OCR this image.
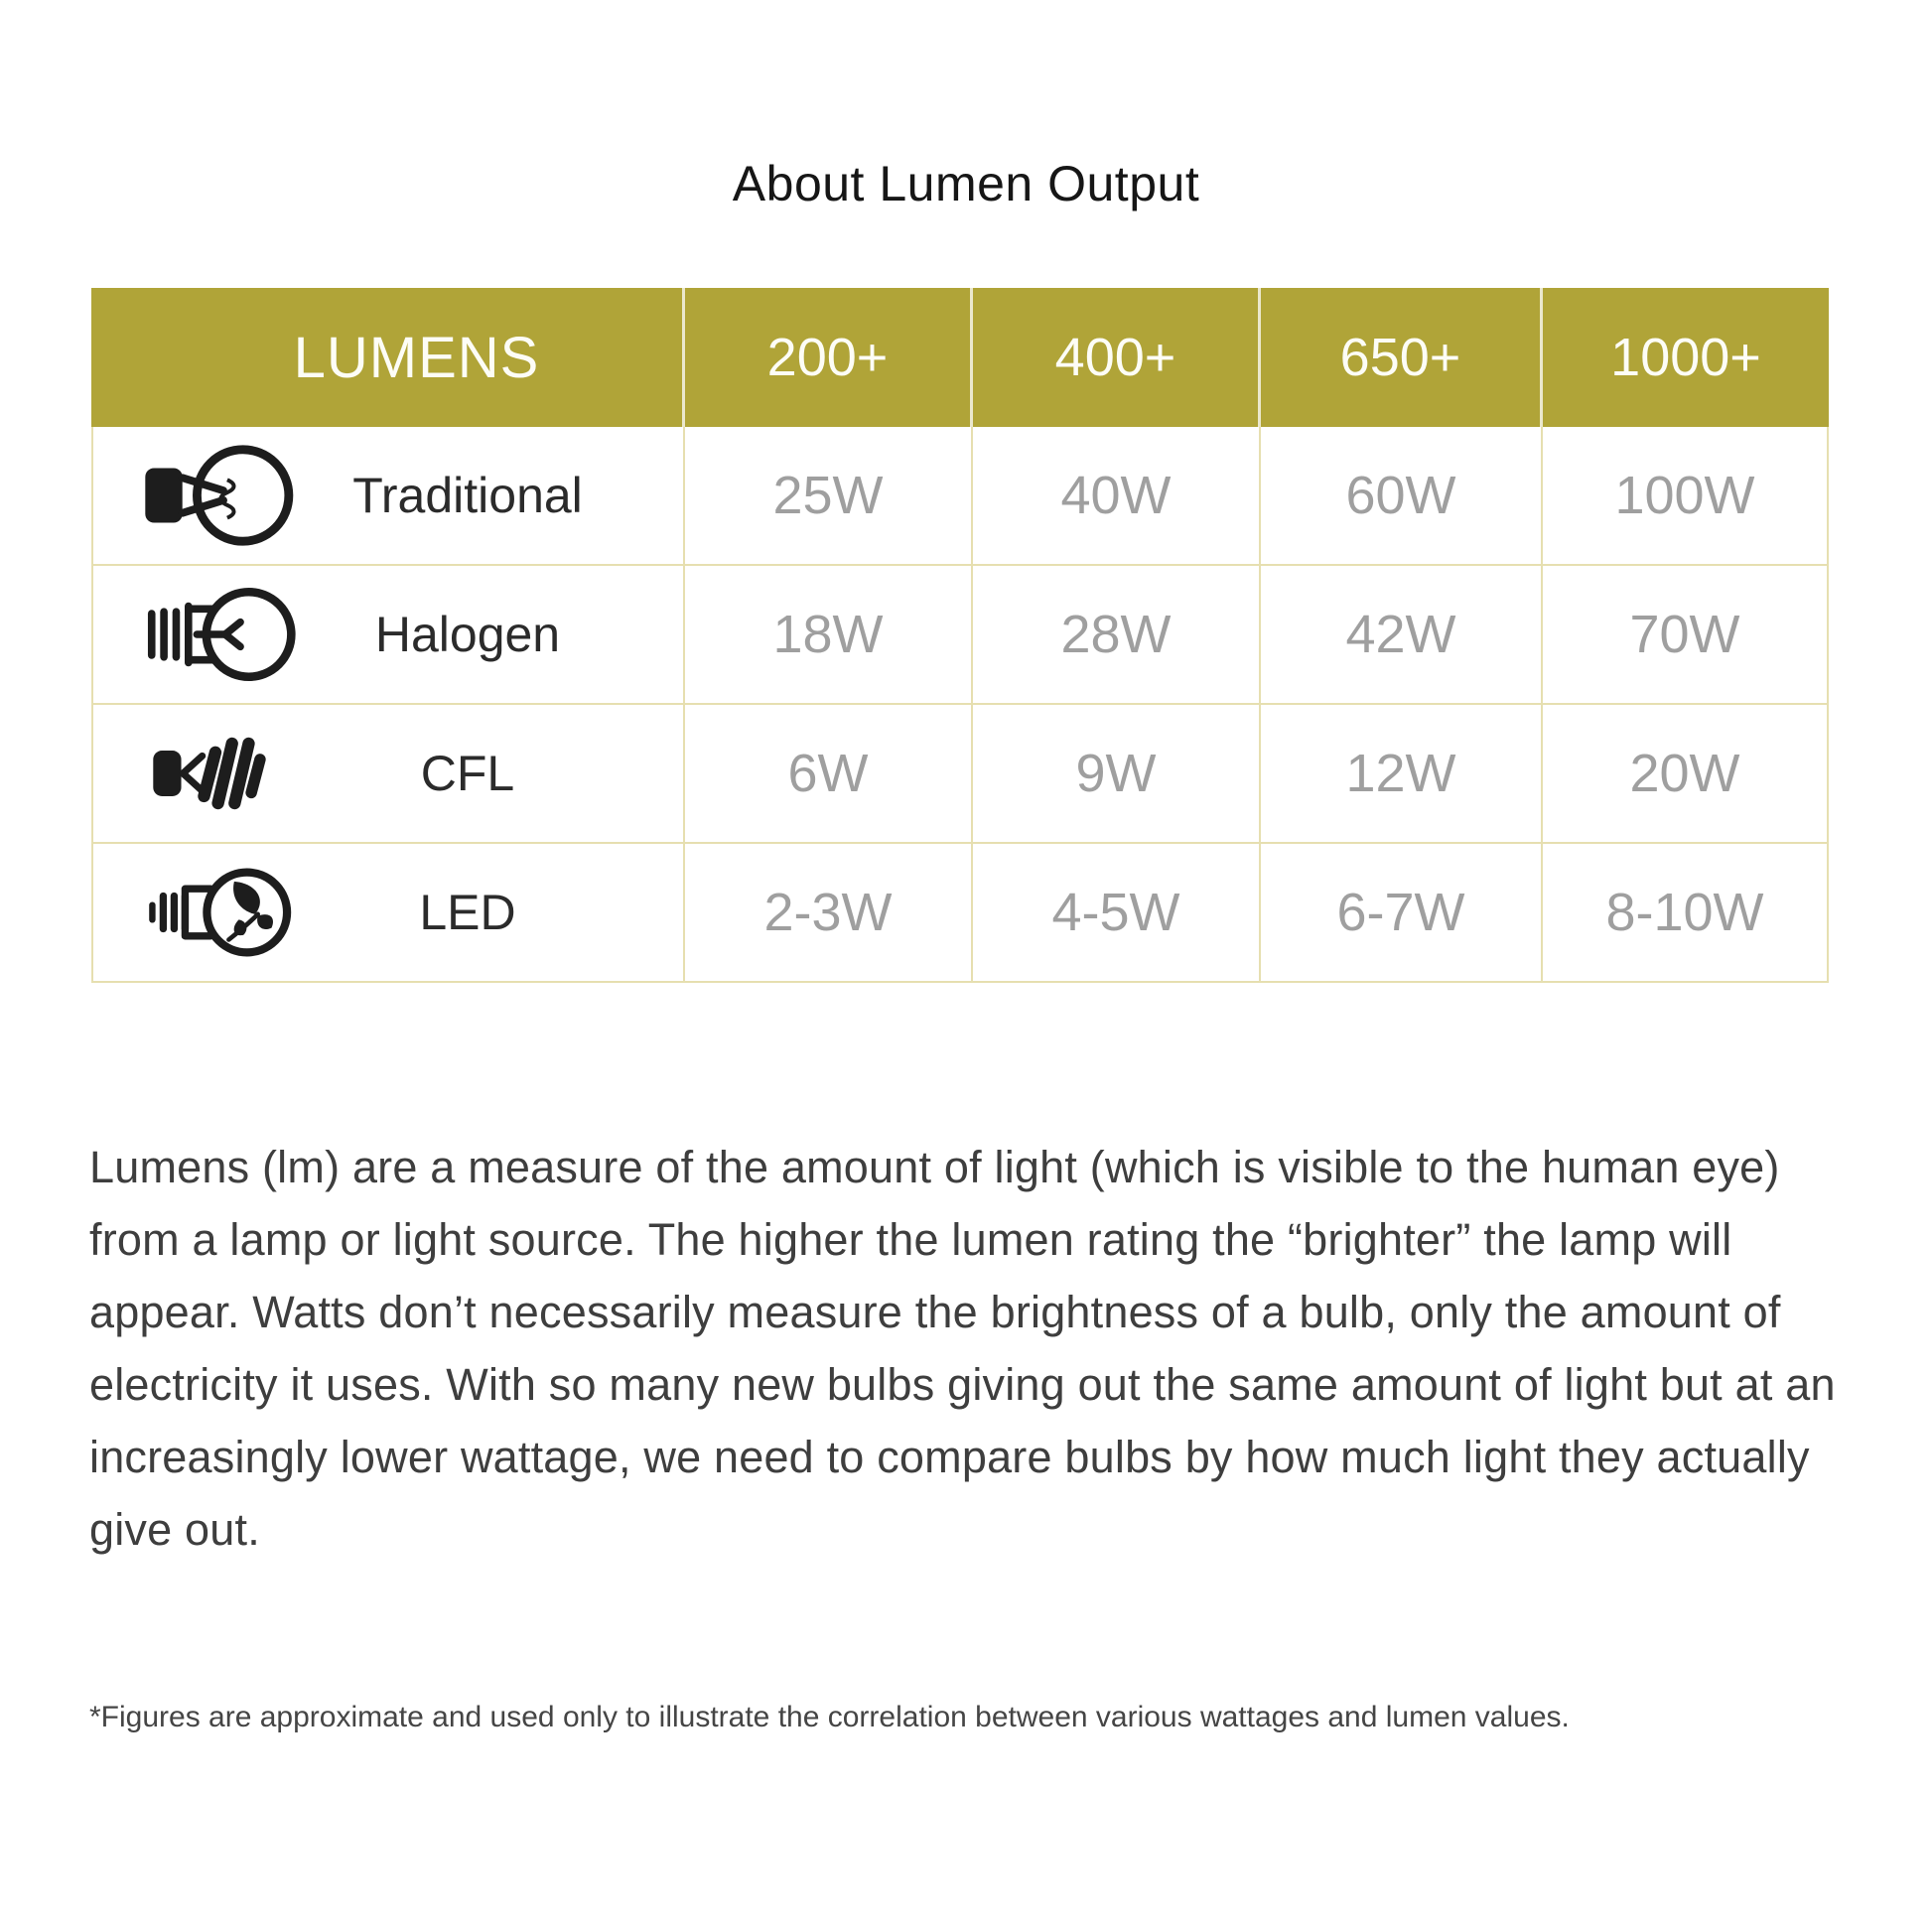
About Lumen Output
LUMENS	200+	400+	650+	1000+
Traditional	25W	40W	60W	100W
Halogen	18W	28W	42W	70W
CFL	6W	9W	12W	20W
LED	2-3W	4-5W	6-7W	8-10W
Lumens (lm) are a measure of the amount of light (which is visible to the human eye) from a lamp or light source. The higher the lumen rating the “brighter” the lamp will appear. Watts don’t necessarily measure the brightness of a bulb, only the amount of electricity it uses. With so many new bulbs giving out the same amount of light but at an increasingly lower wattage, we need to compare bulbs by how much light they actually give out.
*Figures are approximate and used only to illustrate the correlation between various wattages and lumen values.
